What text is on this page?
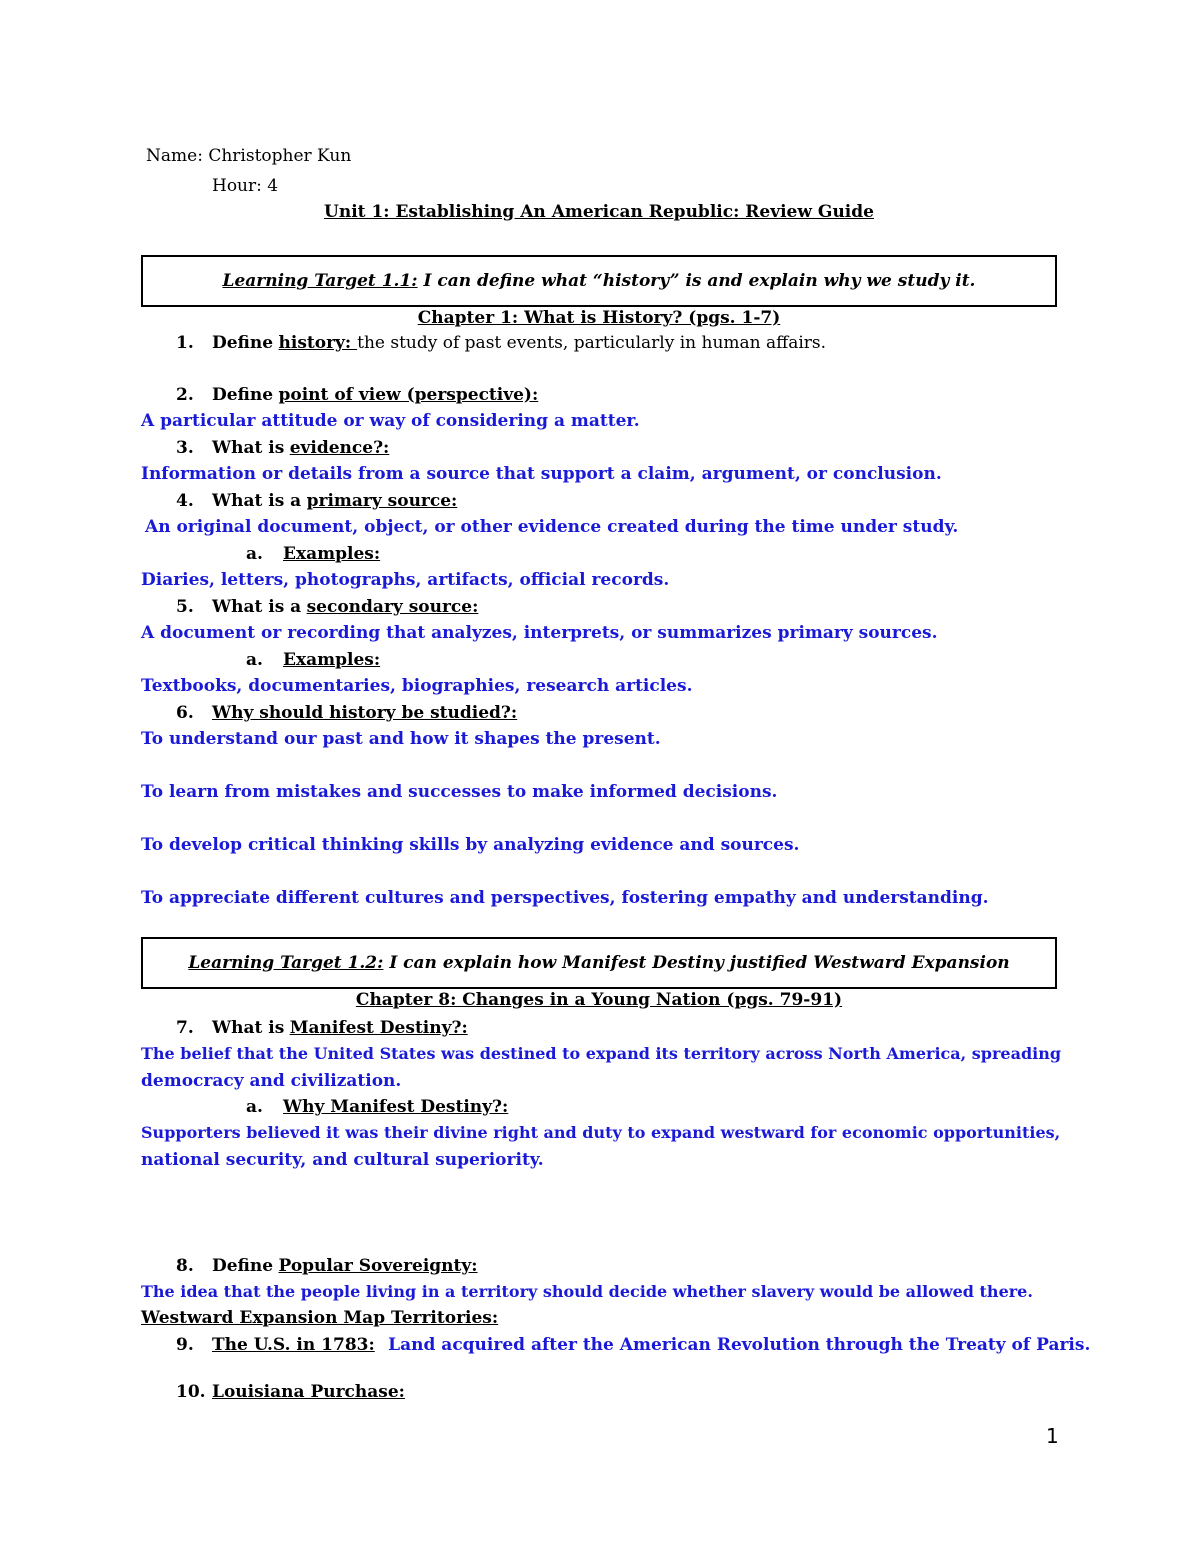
Name: Christopher Kun
Hour: 4
Unit 1: Establishing An American Republic: Review Guide
Learning Target 1.1: I can define what “history” is and explain why we study it.
Chapter 1: What is History? (pgs. 1-7)
1. Define history: the study of past events, particularly in human affairs.
2. Define point of view (perspective):
A particular attitude or way of considering a matter.
3. What is evidence?:
Information or details from a source that support a claim, argument, or conclusion.
4. What is a primary source:
An original document, object, or other evidence created during the time under study.
a. Examples:
Diaries, letters, photographs, artifacts, official records.
5. What is a secondary source:
A document or recording that analyzes, interprets, or summarizes primary sources.
a. Examples:
Textbooks, documentaries, biographies, research articles.
6. Why should history be studied?:
To understand our past and how it shapes the present.
To learn from mistakes and successes to make informed decisions.
To develop critical thinking skills by analyzing evidence and sources.
To appreciate different cultures and perspectives, fostering empathy and understanding.
Learning Target 1.2: I can explain how Manifest Destiny justified Westward Expansion
Chapter 8: Changes in a Young Nation (pgs. 79-91)
7. What is Manifest Destiny?:
The belief that the United States was destined to expand its territory across North America, spreading
democracy and civilization.
a. Why Manifest Destiny?:
Supporters believed it was their divine right and duty to expand westward for economic opportunities,
national security, and cultural superiority.
8. Define Popular Sovereignty:
The idea that the people living in a territory should decide whether slavery would be allowed there.
Westward Expansion Map Territories:
9. The U.S. in 1783: Land acquired after the American Revolution through the Treaty of Paris.
10. Louisiana Purchase:
1
